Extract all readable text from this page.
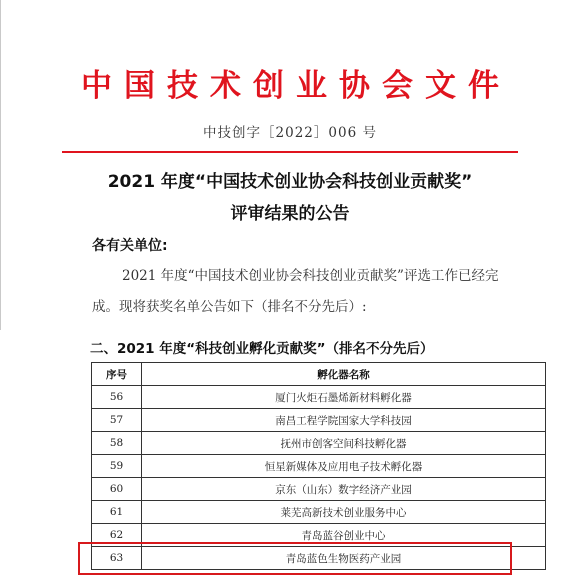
中国技术创业协会文件
中技创字［2022］006 号
2021 年度“中国技术创业协会科技创业贡献奖”
评审结果的公告
各有关单位:
2021 年度“中国技术创业协会科技创业贡献奖”评选工作已经完
成。现将获奖名单公告如下（排名不分先后）:
二、2021 年度“科技创业孵化贡献奖”（排名不分先后）
序号	孵化器名称
56	厦门火炬石墨烯新材料孵化器
57	南昌工程学院国家大学科技园
58	抚州市创客空间科技孵化器
59	恒星新媒体及应用电子技术孵化器
60	京东（山东）数字经济产业园
61	莱芜高新技术创业服务中心
62	青岛蓝谷创业中心
63	青岛蓝色生物医药产业园
